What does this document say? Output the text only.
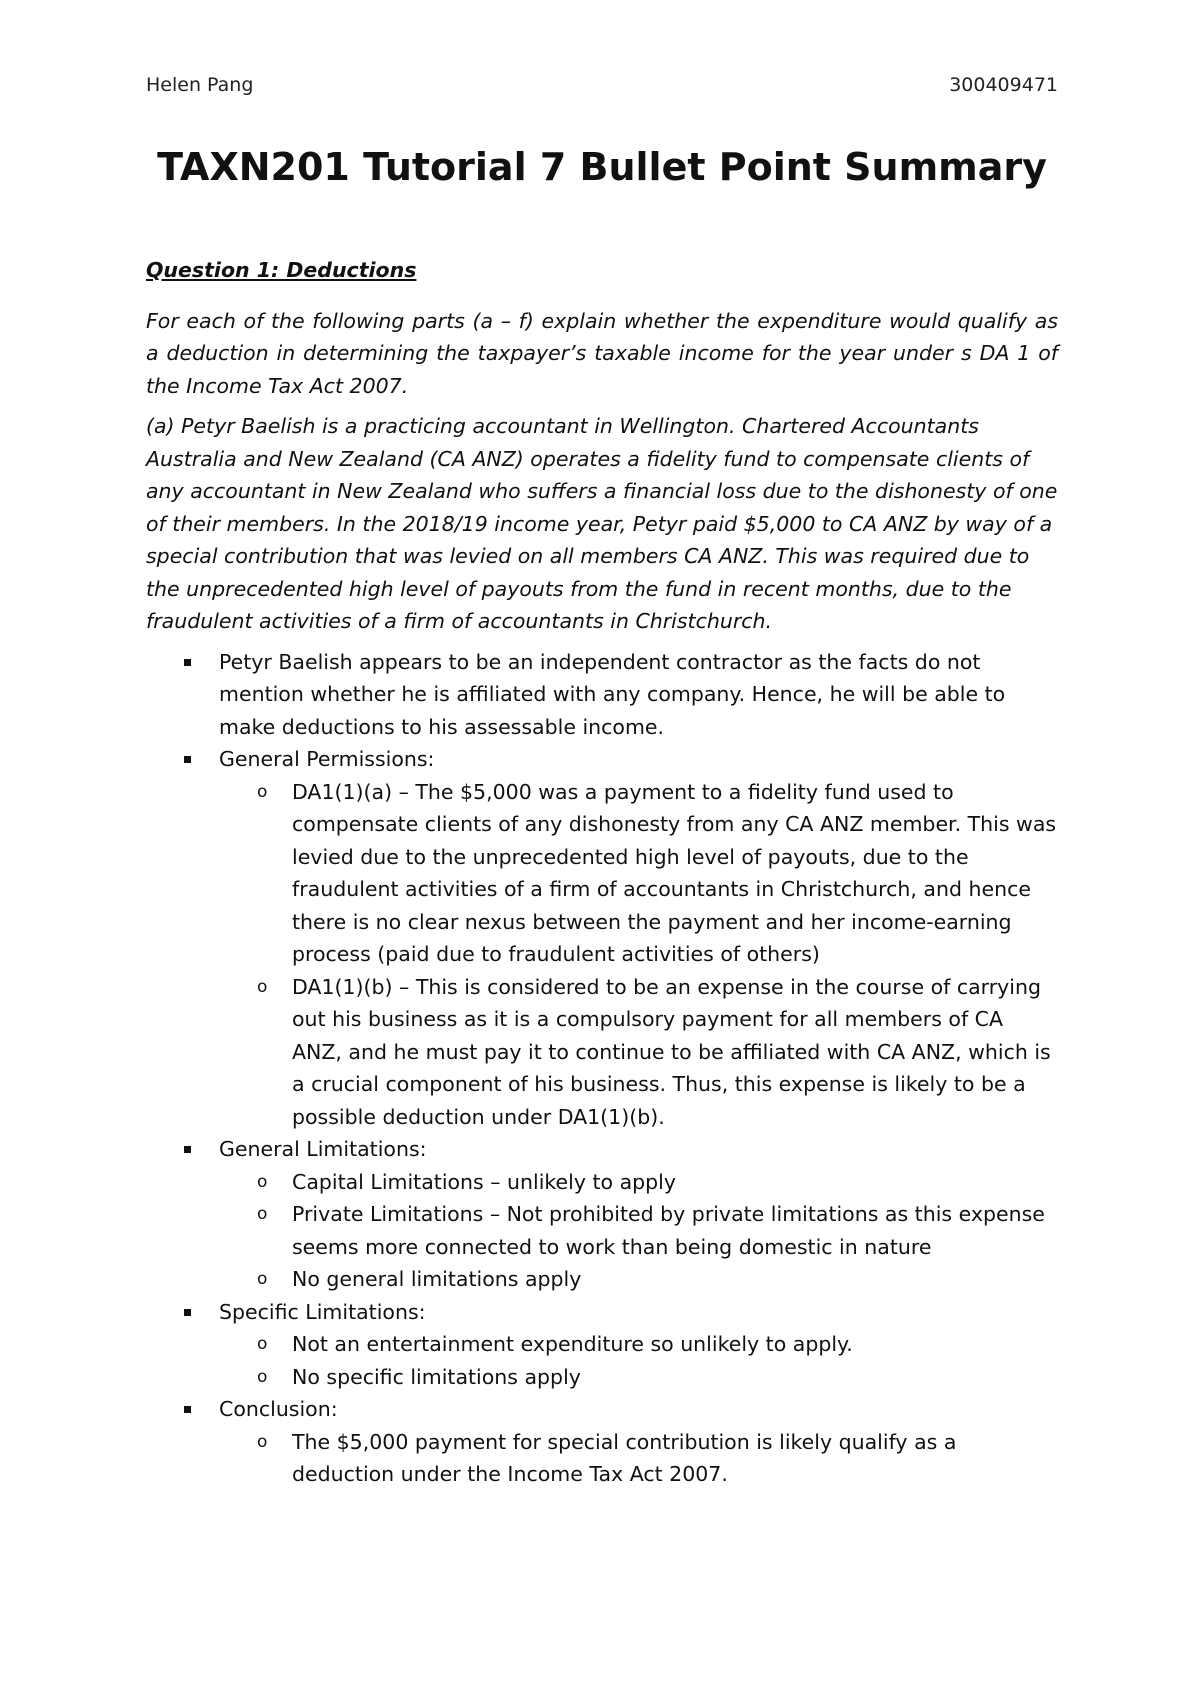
Helen Pang	300409471
TAXN201 Tutorial 7 Bullet Point Summary

Question 1: Deductions

For each of the following parts (a – f) explain whether the expenditure would qualify as a deduction in determining the taxpayer’s taxable income for the year under s DA 1 of the Income Tax Act 2007.

(a) Petyr Baelish is a practicing accountant in Wellington. Chartered Accountants Australia and New Zealand (CA ANZ) operates a fidelity fund to compensate clients of any accountant in New Zealand who suffers a financial loss due to the dishonesty of one of their members. In the 2018/19 income year, Petyr paid $5,000 to CA ANZ by way of a special contribution that was levied on all members CA ANZ. This was required due to the unprecedented high level of payouts from the fund in recent months, due to the fraudulent activities of a firm of accountants in Christchurch.

Petyr Baelish appears to be an independent contractor as the facts do not mention whether he is affiliated with any company. Hence, he will be able to make deductions to his assessable income.
General Permissions:
o DA1(1)(a) – The $5,000 was a payment to a fidelity fund used to compensate clients of any dishonesty from any CA ANZ member. This was levied due to the unprecedented high level of payouts, due to the fraudulent activities of a firm of accountants in Christchurch, and hence there is no clear nexus between the payment and her income-earning process (paid due to fraudulent activities of others)
o DA1(1)(b) – This is considered to be an expense in the course of carrying out his business as it is a compulsory payment for all members of CA ANZ, and he must pay it to continue to be affiliated with CA ANZ, which is a crucial component of his business. Thus, this expense is likely to be a possible deduction under DA1(1)(b).
General Limitations:
o Capital Limitations – unlikely to apply
o Private Limitations – Not prohibited by private limitations as this expense seems more connected to work than being domestic in nature
o No general limitations apply
Specific Limitations:
o Not an entertainment expenditure so unlikely to apply.
o No specific limitations apply
Conclusion:
o The $5,000 payment for special contribution is likely qualify as a deduction under the Income Tax Act 2007.
